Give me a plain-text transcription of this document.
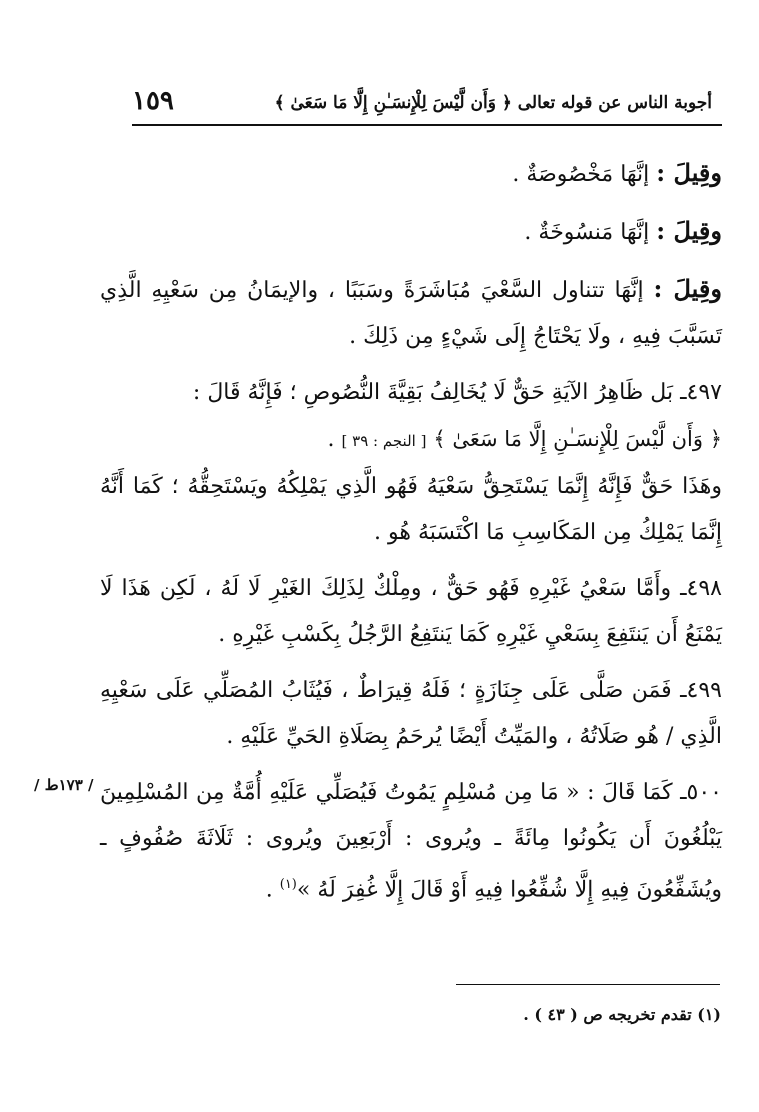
أجوبة الناس عن قوله تعالى ﴿ وَأَن لَّيْسَ لِلْإِنسَـٰنِ إِلَّا مَا سَعَىٰ ﴾
١٥٩

وقِيلَ : إنَّهَا مَخْصُوصَةٌ .

وقِيلَ : إنَّهَا مَنسُوخَةٌ .

وقِيلَ : إنَّهَا تتناول السَّعْيَ مُبَاشَرَةً وسَبَبًا ، والإيمَانُ مِن سَعْيِهِ الَّذِي تَسَبَّبَ فِيهِ ، ولَا يَحْتَاجُ إِلَى شَيْءٍ مِن ذَلِكَ .

٤٩٧ـ بَل ظَاهِرُ الآيَةِ حَقٌّ لَا يُخَالِفُ بَقِيَّةَ النُّصُوصِ ؛ فَإِنَّهُ قَالَ :
﴿ وَأَن لَّيْسَ لِلْإِنسَـٰنِ إِلَّا مَا سَعَىٰ ﴾ [ النجم : ٣٩ ] .
وهَذَا حَقٌّ فَإِنَّهُ إِنَّمَا يَسْتَحِقُّ سَعْيَهُ فَهُو الَّذِي يَمْلِكُهُ ويَسْتَحِقُّهُ ؛ كَمَا أَنَّهُ إِنَّمَا يَمْلِكُ مِن المَكَاسِبِ مَا اكْتَسَبَهُ هُو .

٤٩٨ـ وأَمَّا سَعْيُ غَيْرِهِ فَهُو حَقٌّ ، ومِلْكٌ لِذَلِكَ الغَيْرِ لَا لَهُ ، لَكِن هَذَا لَا يَمْنَعُ أَن يَنتَفِعَ بِسَعْيِ غَيْرِهِ كَمَا يَنتَفِعُ الرَّجُلُ بِكَسْبِ غَيْرِهِ .

٤٩٩ـ فَمَن صَلَّى عَلَى جِنَازَةٍ ؛ فَلَهُ قِيرَاطٌ ، فَيُثَابُ المُصَلِّي عَلَى سَعْيِهِ الَّذِي / هُو صَلَاتُهُ ، والمَيِّتُ أَيْضًا يُرحَمُ بِصَلَاةِ الحَيِّ عَلَيْهِ .

٥٠٠ـ كَمَا قَالَ : « مَا مِن مُسْلِمٍ يَمُوتُ فَيُصَلِّي عَلَيْهِ أُمَّةٌ مِن المُسْلِمِينَ يَبْلُغُونَ أَن يَكُونُوا مِائَةً ـ ويُروى : أَرْبَعِينَ ويُروى : ثَلَاثَةَ صُفُوفٍ ـ ويُشَفِّعُونَ فِيهِ إِلَّا شُفِّعُوا فِيهِ أَوْ قَالَ إِلَّا غُفِرَ لَهُ »$^{(١)}$ .

/ ١٧٣ط /
(١) تقدم تخريجه ص ( ٤٣ ) .
